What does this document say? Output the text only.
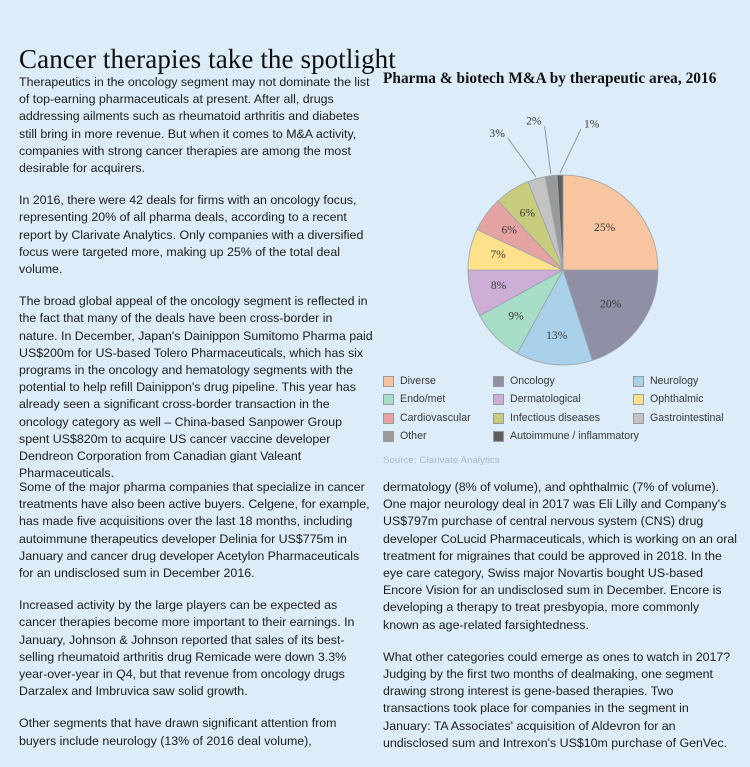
Cancer therapies take the spotlight

Therapeutics in the oncology segment may not dominate the list of top-earning pharmaceuticals at present. After all, drugs addressing ailments such as rheumatoid arthritis and diabetes still bring in more revenue. But when it comes to M&A activity, companies with strong cancer therapies are among the most desirable for acquirers.

In 2016, there were 42 deals for firms with an oncology focus, representing 20% of all pharma deals, according to a recent report by Clarivate Analytics. Only companies with a diversified focus were targeted more, making up 25% of the total deal volume.

The broad global appeal of the oncology segment is reflected in the fact that many of the deals have been cross-border in nature. In December, Japan's Dainippon Sumitomo Pharma paid US$200m for US-based Tolero Pharmaceuticals, which has six programs in the oncology and hematology segments with the potential to help refill Dainippon's drug pipeline. This year has already seen a significant cross-border transaction in the oncology category as well – China-based Sanpower Group spent US$820m to acquire US cancer vaccine developer Dendreon Corporation from Canadian giant Valeant Pharmaceuticals.

Pharma & biotech M&A by therapeutic area, 2016
25%
20%
13%
9%
8%
7%
6%
6%
3%
2%	1%
Diverse	Oncology	Neurology
Endo/met	Dermatological	Ophthalmic
Cardiovascular	Infectious diseases	Gastrointestinal
Other	Autoimmune / inflammatory
Source: Clarivate Analytics

Some of the major pharma companies that specialize in cancer treatments have also been active buyers. Celgene, for example, has made five acquisitions over the last 18 months, including autoimmune therapeutics developer Delinia for US$775m in January and cancer drug developer Acetylon Pharmaceuticals for an undisclosed sum in December 2016.

Increased activity by the large players can be expected as cancer therapies become more important to their earnings. In January, Johnson & Johnson reported that sales of its best-selling rheumatoid arthritis drug Remicade were down 3.3% year-over-year in Q4, but that revenue from oncology drugs Darzalex and Imbruvica saw solid growth.

Other segments that have drawn significant attention from buyers include neurology (13% of 2016 deal volume),

dermatology (8% of volume), and ophthalmic (7% of volume). One major neurology deal in 2017 was Eli Lilly and Company's US$797m purchase of central nervous system (CNS) drug developer CoLucid Pharmaceuticals, which is working on an oral treatment for migraines that could be approved in 2018. In the eye care category, Swiss major Novartis bought US-based Encore Vision for an undisclosed sum in December. Encore is developing a therapy to treat presbyopia, more commonly known as age-related farsightedness.

What other categories could emerge as ones to watch in 2017? Judging by the first two months of dealmaking, one segment drawing strong interest is gene-based therapies. Two transactions took place for companies in the segment in January: TA Associates' acquisition of Aldevron for an undisclosed sum and Intrexon's US$10m purchase of GenVec.
